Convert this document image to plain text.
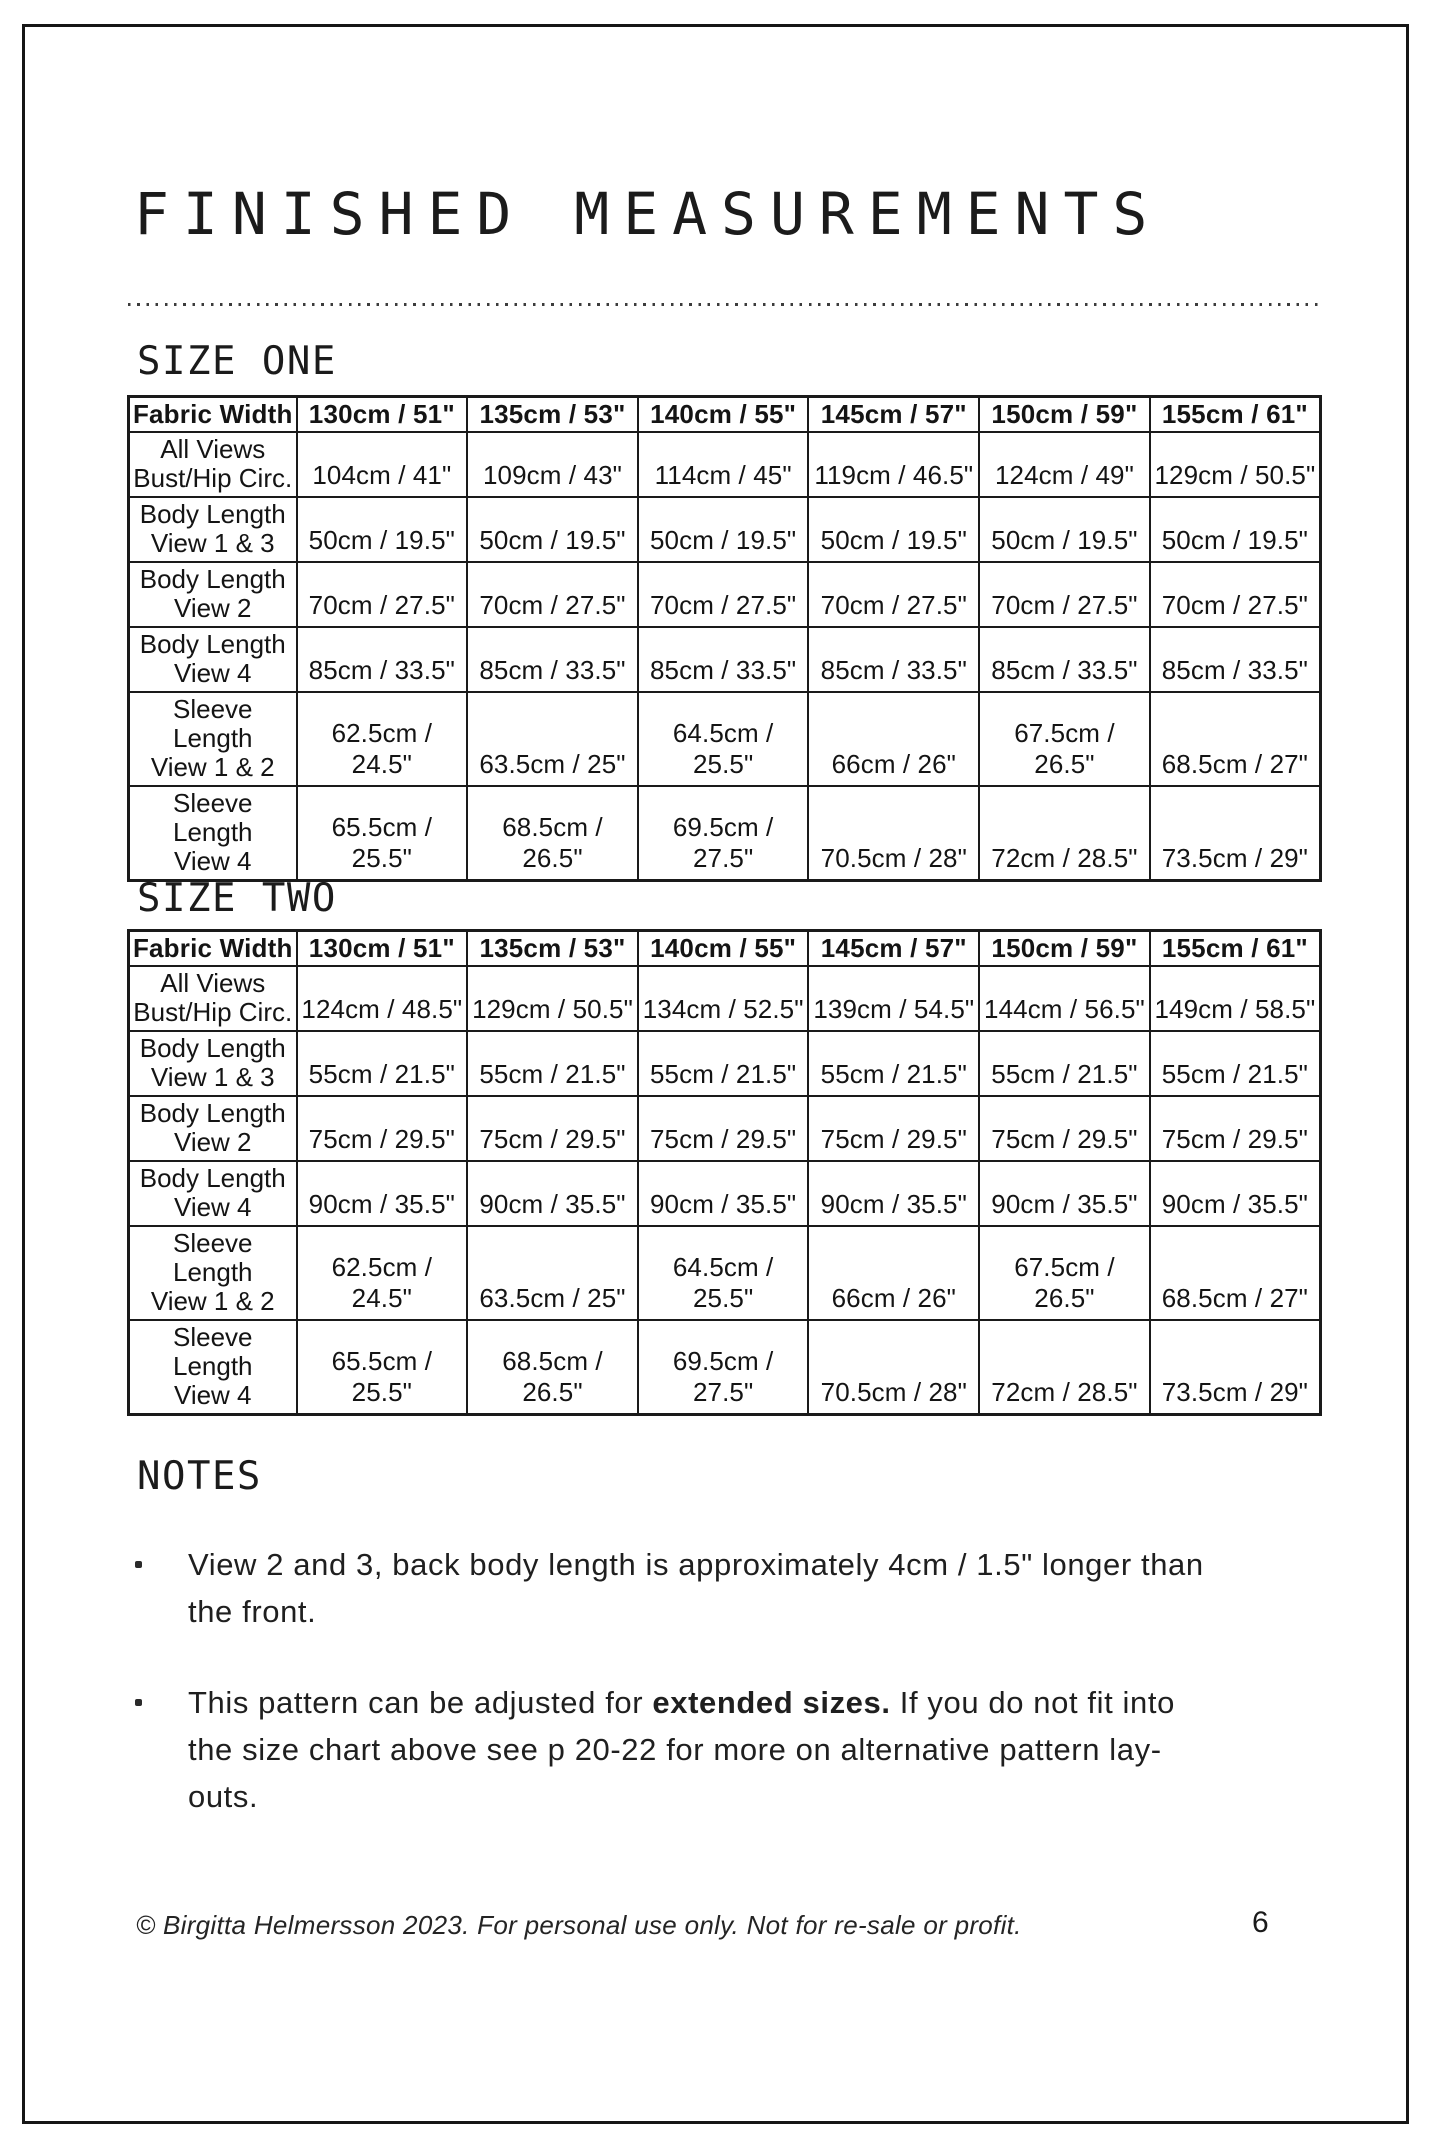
FINISHED MEASUREMENTS
SIZE ONE
Fabric Width	130cm / 51"	135cm / 53"	140cm / 55"	145cm / 57"	150cm / 59"	155cm / 61"

All Views
Bust/Hip Circ.	104cm / 41"	109cm / 43"	114cm / 45"	119cm / 46.5"	124cm / 49"	129cm / 50.5"

Body Length
View 1 & 3	50cm / 19.5"	50cm / 19.5"	50cm / 19.5"	50cm / 19.5"	50cm / 19.5"	50cm / 19.5"

Body Length
View 2	70cm / 27.5"	70cm / 27.5"	70cm / 27.5"	70cm / 27.5"	70cm / 27.5"	70cm / 27.5"

Body Length
View 4	85cm / 33.5"	85cm / 33.5"	85cm / 33.5"	85cm / 33.5"	85cm / 33.5"	85cm / 33.5"

Sleeve Length
View 1 & 2	62.5cm / 24.5"	63.5cm / 25"	64.5cm / 25.5"	66cm / 26"	67.5cm / 26.5"	68.5cm / 27"

Sleeve Length
View 4	65.5cm / 25.5"	68.5cm / 26.5"	69.5cm / 27.5"	70.5cm / 28"	72cm / 28.5"	73.5cm / 29"
SIZE TWO
Fabric Width	130cm / 51"	135cm / 53"	140cm / 55"	145cm / 57"	150cm / 59"	155cm / 61"

All Views
Bust/Hip Circ.	124cm / 48.5"	129cm / 50.5"	134cm / 52.5"	139cm / 54.5"	144cm / 56.5"	149cm / 58.5"

Body Length
View 1 & 3	55cm / 21.5"	55cm / 21.5"	55cm / 21.5"	55cm / 21.5"	55cm / 21.5"	55cm / 21.5"

Body Length
View 2	75cm / 29.5"	75cm / 29.5"	75cm / 29.5"	75cm / 29.5"	75cm / 29.5"	75cm / 29.5"

Body Length
View 4	90cm / 35.5"	90cm / 35.5"	90cm / 35.5"	90cm / 35.5"	90cm / 35.5"	90cm / 35.5"

Sleeve Length
View 1 & 2	62.5cm / 24.5"	63.5cm / 25"	64.5cm / 25.5"	66cm / 26"	67.5cm / 26.5"	68.5cm / 27"

Sleeve Length
View 4	65.5cm / 25.5"	68.5cm / 26.5"	69.5cm / 27.5"	70.5cm / 28"	72cm / 28.5"	73.5cm / 29"
NOTES
View 2 and 3, back body length is approximately 4cm / 1.5" longer than
the front.
This pattern can be adjusted for extended sizes. If you do not fit into
the size chart above see p 20-22 for more on alternative pattern lay-
outs.
© Birgitta Helmersson 2023. For personal use only. Not for re-sale or profit.	6
